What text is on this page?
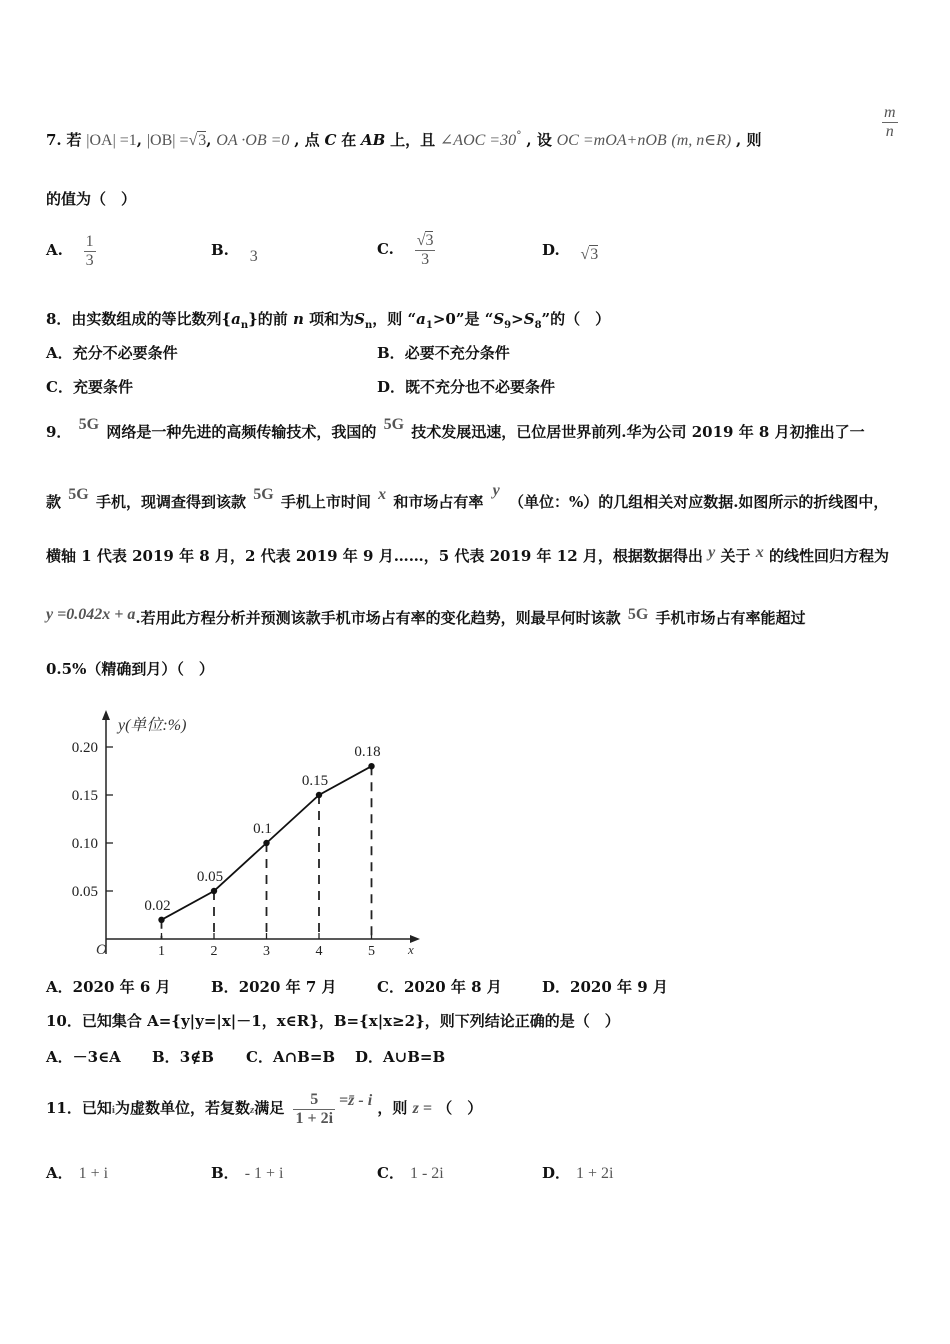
7. 若 |OA| =1, |OB| =√3, OA ·OB =0 , 点 C 在 AB 上，且 ∠AOC =30° , 设 OC =mOA+nOB (m, n∈R) , 则	$\frac{m}{n}$
的值为（　）
A. $\frac{1}{3}$	B. 3	C. $\frac{√3}{3}$	D. √3
8．由实数组成的等比数列$\{a_n\}$的前 n 项和为$S_n$，则 “$a_1>0$”是 “$S_9>S_8$”的（　）
A．充分不必要条件	B．必要不充分条件
C．充要条件	D．既不充分也不必要条件
9． 5G 网络是一种先进的高频传输技术，我国的 5G 技术发展迅速，已位居世界前列.华为公司 2019 年 8 月初推出了一
款 5G 手机，现调查得到该款 5G 手机上市时间 x 和市场占有率 y （单位：%）的几组相关对应数据.如图所示的折线图中，
横轴 1 代表 2019 年 8 月，2 代表 2019 年 9 月……，5 代表 2019 年 12 月，根据数据得出 y 关于 x 的线性回归方程为
y =0.042x + a.若用此方程分析并预测该款手机市场占有率的变化趋势，则最早何时该款 5G 手机市场占有率能超过
0.5%（精确到月）（　）
y(单位:%)
x
O
0.05
0.10
0.15
0.20
1	2	3	4	5
0.02
0.05
0.1
0.15
0.18
A．2020 年 6 月	B．2020 年 7 月	C．2020 年 8 月	D．2020 年 9 月
10．已知集合 A={y|y=|x|－1，x∈R}，B={x|x≥2}，则下列结论正确的是（　）
A．－3∈A B．3∉B C．A∩B=B D．A∪B=B
11．已知i为虚数单位，若复数z满足 $\frac{5}{1 + 2i}$ =z̄ - i ，则 z = （　）
A． 1 + i	B． - 1 + i	C． 1 - 2i	D． 1 + 2i
